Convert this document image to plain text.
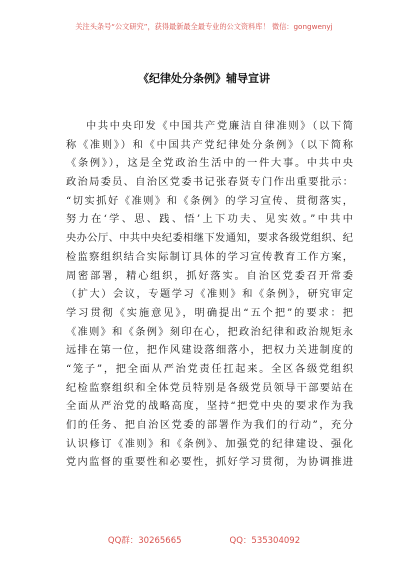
关注头条号“公文研究”，获得最新最全最专业的公文资料库！ 微信：gongwenyj
《纪律处分条例》辅导宣讲
中共中央印发《中国共产党廉洁自律准则》（以下简
称《准则》）和《中国共产党纪律处分条例》（以下简称
《条例》），这是全党政治生活中的一件大事。中共中央
政治局委员、自治区党委书记张春贤专门作出重要批示：
“切实抓好《准则》和《条例》的学习宣传、贯彻落实，
努力在‘学、思、践、悟’上下功夫、见实效。”中共中
央办公厅、中共中央纪委相继下发通知，要求各级党组织、纪
检监察组织结合实际制订具体的学习宣传教育工作方案，
周密部署，精心组织，抓好落实。自治区党委召开常委
（扩大）会议，专题学习《准则》和《条例》，研究审定
学习贯彻《实施意见》，明确提出“五个把”的要求：把
《准则》和《条例》刻印在心，把政治纪律和政治规矩永
远排在第一位，把作风建设落细落小，把权力关进制度的
“笼子”，把全面从严治党责任扛起来。全区各级党组织
纪检监察组织和全体党员特别是各级党员领导干部要站在
全面从严治党的战略高度，坚持“把党中央的要求作为我
们的任务、把自治区党委的部署作为我们的行动”，充分
认识修订《准则》和《条例》、加强党的纪律建设、强化
党内监督的重要性和必要性，抓好学习贯彻，为协调推进
QQ群：30265665	QQ：535304092
